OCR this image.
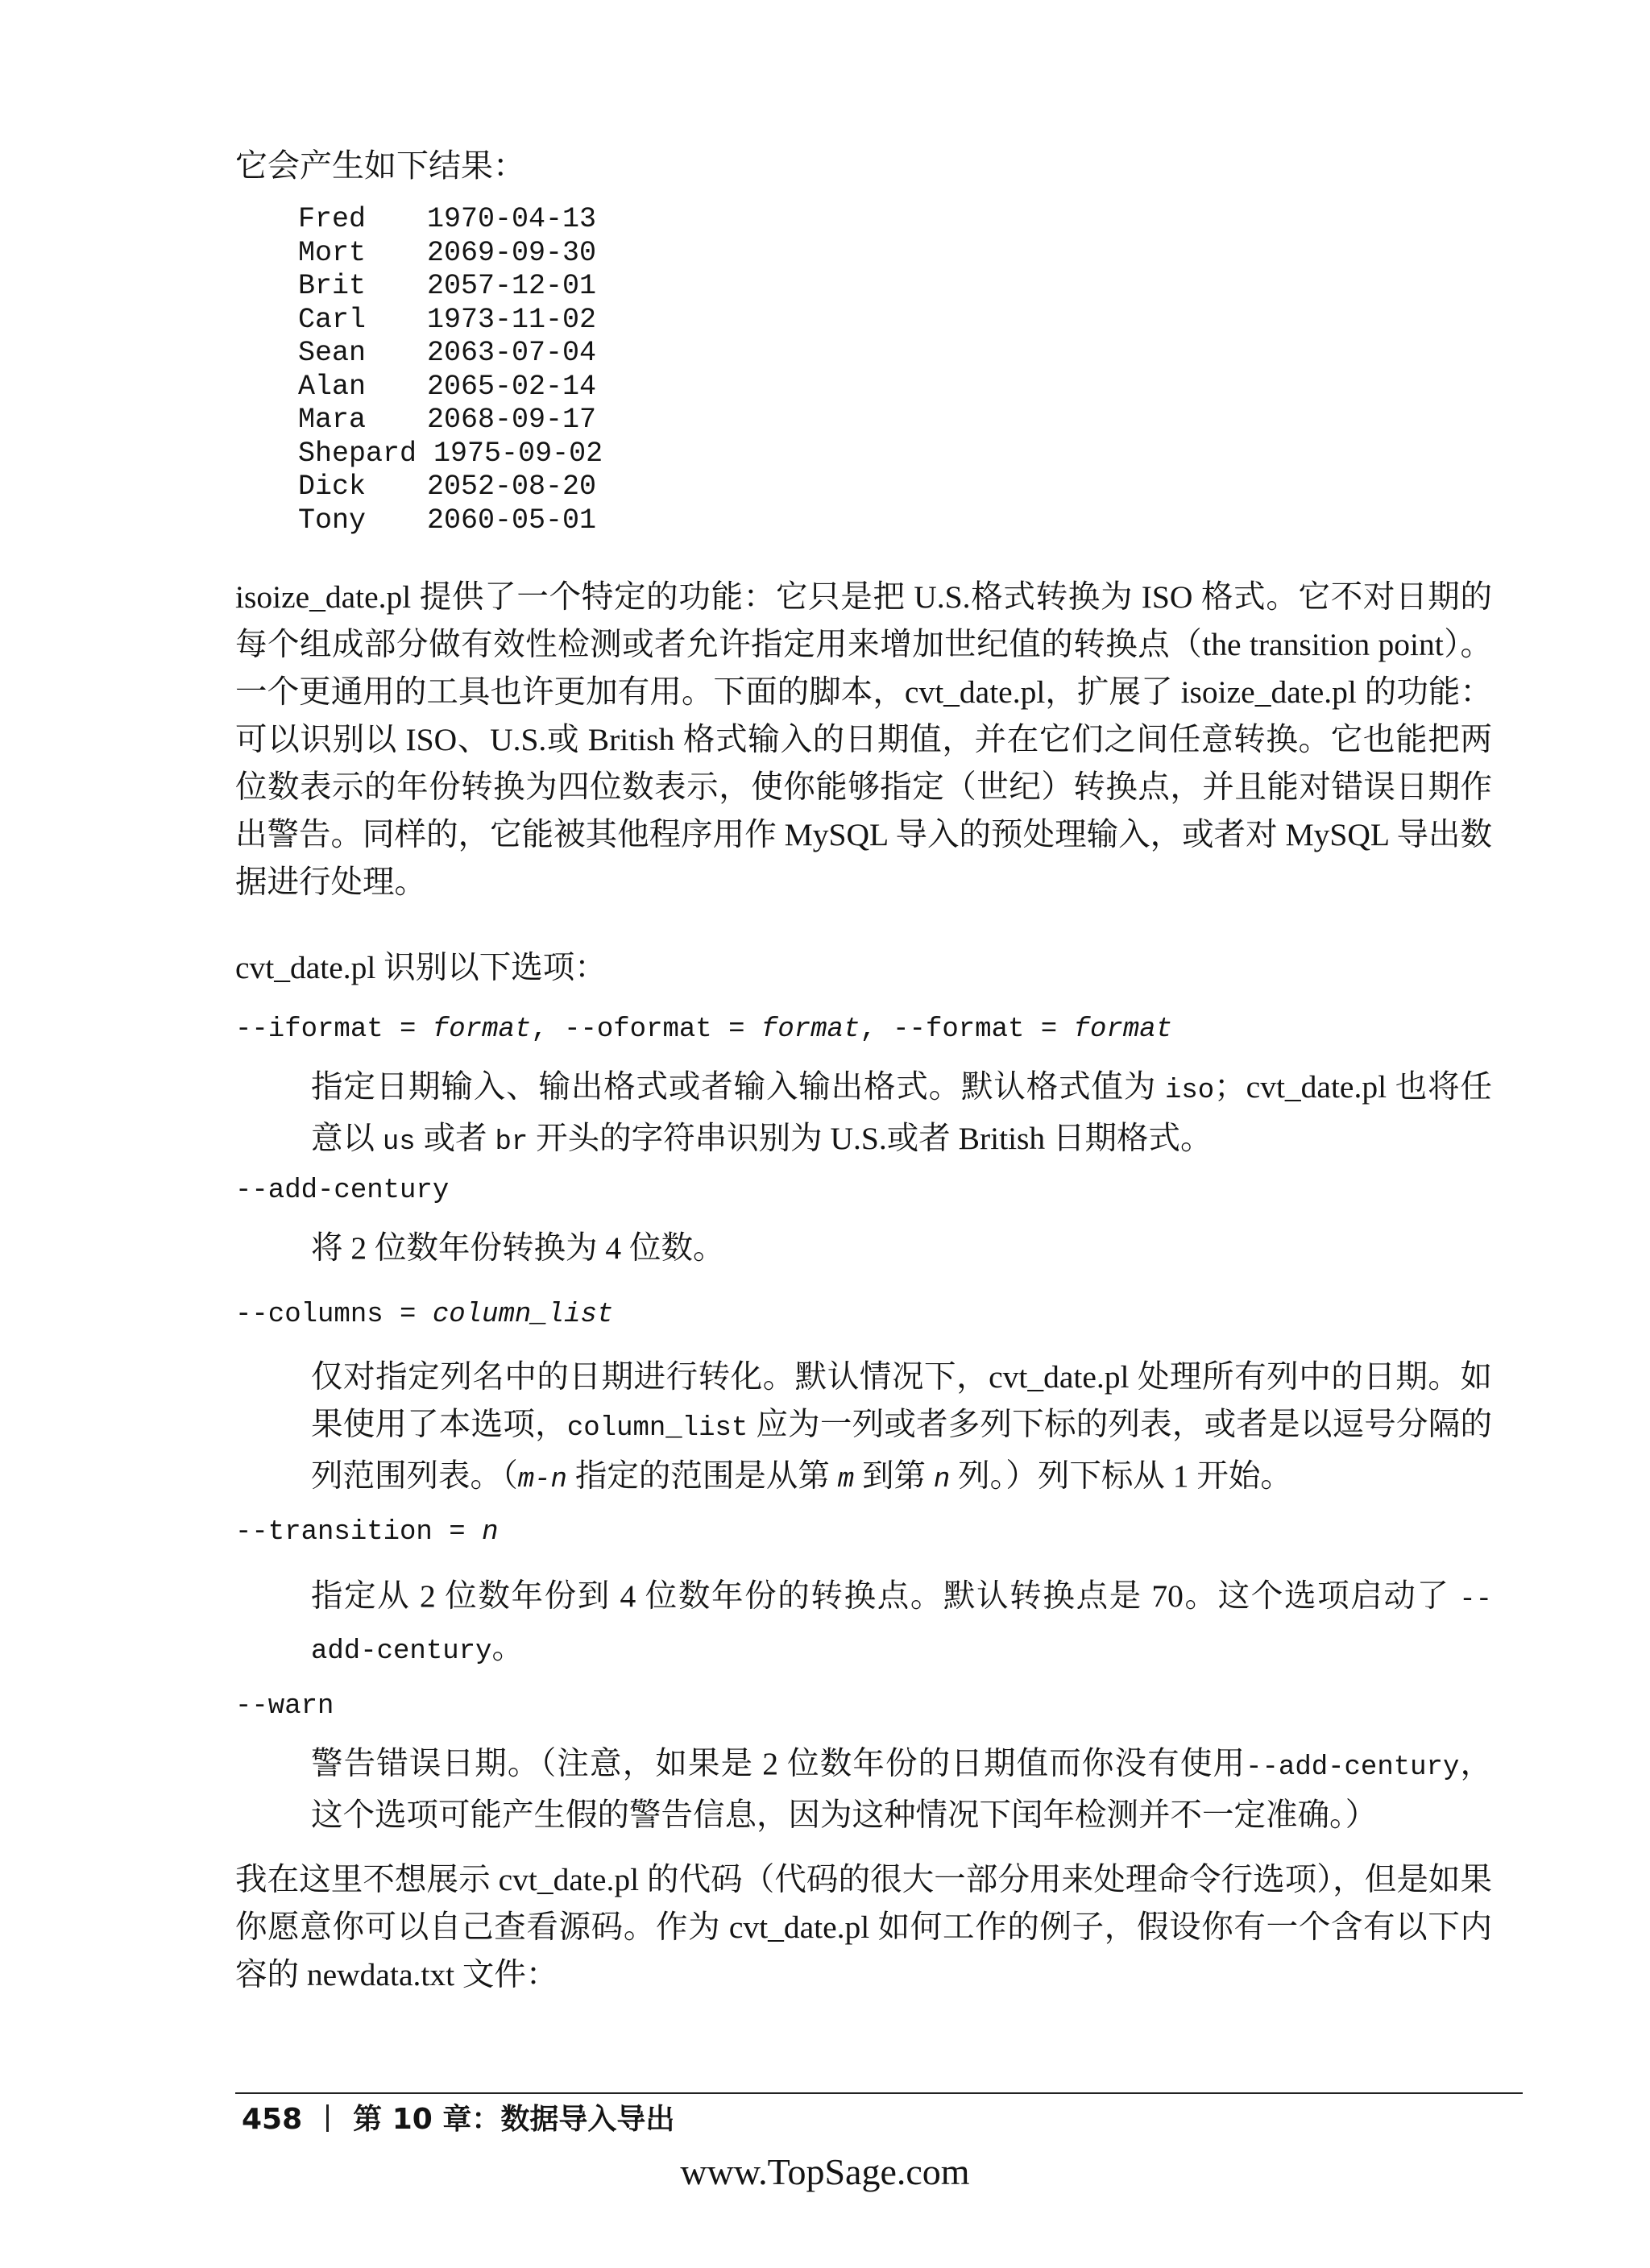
它会产生如下结果：
Fred 1970-04-13
Mort 2069-09-30
Brit 2057-12-01
Carl 1973-11-02
Sean 2063-07-04
Alan 2065-02-14
Mara 2068-09-17
Shepard 1975-09-02
Dick 2052-08-20
Tony 2060-05-01
isoize_date.pl 提供了一个特定的功能：它只是把 U.S.格式转换为 ISO 格式。它不对日期的每个组成部分做有效性检测或者允许指定用来增加世纪值的转换点（the transition point）。一个更通用的工具也许更加有用。下面的脚本，cvt_date.pl，扩展了 isoize_date.pl 的功能：可以识别以 ISO、U.S.或 British 格式输入的日期值，并在它们之间任意转换。它也能把两位数表示的年份转换为四位数表示，使你能够指定（世纪）转换点，并且能对错误日期作出警告。同样的，它能被其他程序用作 MySQL 导入的预处理输入，或者对 MySQL 导出数据进行处理。
cvt_date.pl 识别以下选项：
--iformat = format, --oformat = format, --format = format
指定日期输入、输出格式或者输入输出格式。默认格式值为 iso；cvt_date.pl 也将任意以 us 或者 br 开头的字符串识别为 U.S.或者 British 日期格式。
--add-century
将 2 位数年份转换为 4 位数。
--columns = column_list
仅对指定列名中的日期进行转化。默认情况下，cvt_date.pl 处理所有列中的日期。如果使用了本选项，column_list 应为一列或者多列下标的列表，或者是以逗号分隔的列范围列表。（m-n 指定的范围是从第 m 到第 n 列。）列下标从 1 开始。
--transition = n
指定从 2 位数年份到 4 位数年份的转换点。默认转换点是 70。这个选项启动了 --add-century。
--warn
警告错误日期。（注意，如果是 2 位数年份的日期值而你没有使用--add-century，这个选项可能产生假的警告信息，因为这种情况下闰年检测并不一定准确。）
我在这里不想展示 cvt_date.pl 的代码（代码的很大一部分用来处理命令行选项），但是如果你愿意你可以自己查看源码。作为 cvt_date.pl 如何工作的例子，假设你有一个含有以下内容的 newdata.txt 文件：
458 第 10 章：数据导入导出
www.TopSage.com
